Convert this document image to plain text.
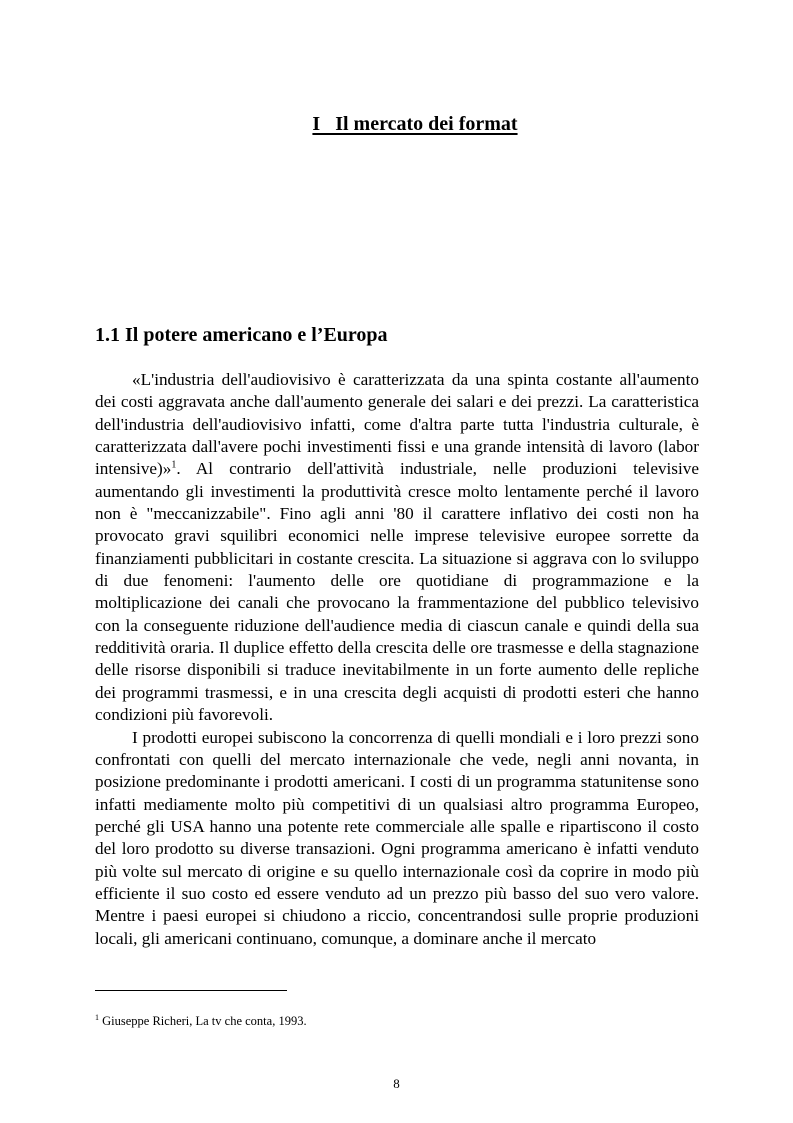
I   Il mercato dei format
1.1 Il potere americano e l’Europa

«L'industria dell'audiovisivo è caratterizzata da una spinta costante all'aumento dei costi aggravata anche dall'aumento generale dei salari e dei prezzi. La caratteristica dell'industria dell'audiovisivo infatti, come d'altra parte tutta l'industria culturale, è caratterizzata dall'avere pochi investimenti fissi e una grande intensità di lavoro (labor intensive)»$^1$. Al contrario dell'attività industriale, nelle produzioni televisive aumentando gli investimenti la produttività cresce molto lentamente perché il lavoro non è "meccanizzabile". Fino agli anni '80 il carattere inflativo dei costi non ha provocato gravi squilibri economici nelle imprese televisive europee sorrette da finanziamenti pubblicitari in costante crescita. La situazione si aggrava con lo sviluppo di due fenomeni: l'aumento delle ore quotidiane di programmazione e la moltiplicazione dei canali che provocano la frammentazione del pubblico televisivo con la conseguente riduzione dell'audience media di ciascun canale e quindi della sua redditività oraria. Il duplice effetto della crescita delle ore trasmesse e della stagnazione delle risorse disponibili si traduce inevitabilmente in un forte aumento delle repliche dei programmi trasmessi, e in una crescita degli acquisti di prodotti esteri che hanno condizioni più favorevoli.

I prodotti europei subiscono la concorrenza di quelli mondiali e i loro prezzi sono confrontati con quelli del mercato internazionale che vede, negli anni novanta, in posizione predominante i prodotti americani. I costi di un programma statunitense sono infatti mediamente molto più competitivi di un qualsiasi altro programma Europeo, perché gli USA hanno una potente rete commerciale alle spalle e ripartiscono il costo del loro prodotto su diverse transazioni. Ogni programma americano è infatti venduto più volte sul mercato di origine e su quello internazionale così da coprire in modo più efficiente il suo costo ed essere venduto ad un prezzo più basso del suo vero valore. Mentre i paesi europei si chiudono a riccio, concentrandosi sulle proprie produzioni locali, gli americani continuano, comunque, a dominare anche il mercato

$^1$ Giuseppe Richeri, La tv che conta, 1993.

8
